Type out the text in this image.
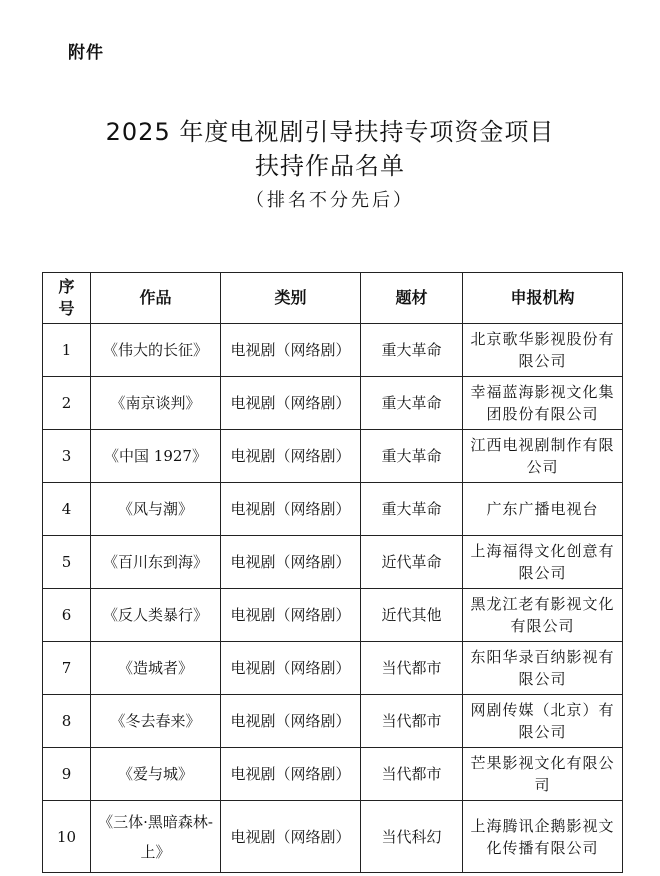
附件
2025 年度电视剧引导扶持专项资金项目
扶持作品名单
（排名不分先后）
序号	作品	类别	题材	申报机构
1	《伟大的长征》	电视剧（网络剧）	重大革命	北京歌华影视股份有限公司
2	《南京谈判》	电视剧（网络剧）	重大革命	幸福蓝海影视文化集团股份有限公司
3	《中国 1927》	电视剧（网络剧）	重大革命	江西电视剧制作有限公司
4	《风与潮》	电视剧（网络剧）	重大革命	广东广播电视台
5	《百川东到海》	电视剧（网络剧）	近代革命	上海福得文化创意有限公司
6	《反人类暴行》	电视剧（网络剧）	近代其他	黑龙江老有影视文化有限公司
7	《造城者》	电视剧（网络剧）	当代都市	东阳华录百纳影视有限公司
8	《冬去春来》	电视剧（网络剧）	当代都市	网剧传媒（北京）有限公司
9	《爱与城》	电视剧（网络剧）	当代都市	芒果影视文化有限公司
10	《三体·黑暗森林-上》	电视剧（网络剧）	当代科幻	上海腾讯企鹅影视文化传播有限公司
